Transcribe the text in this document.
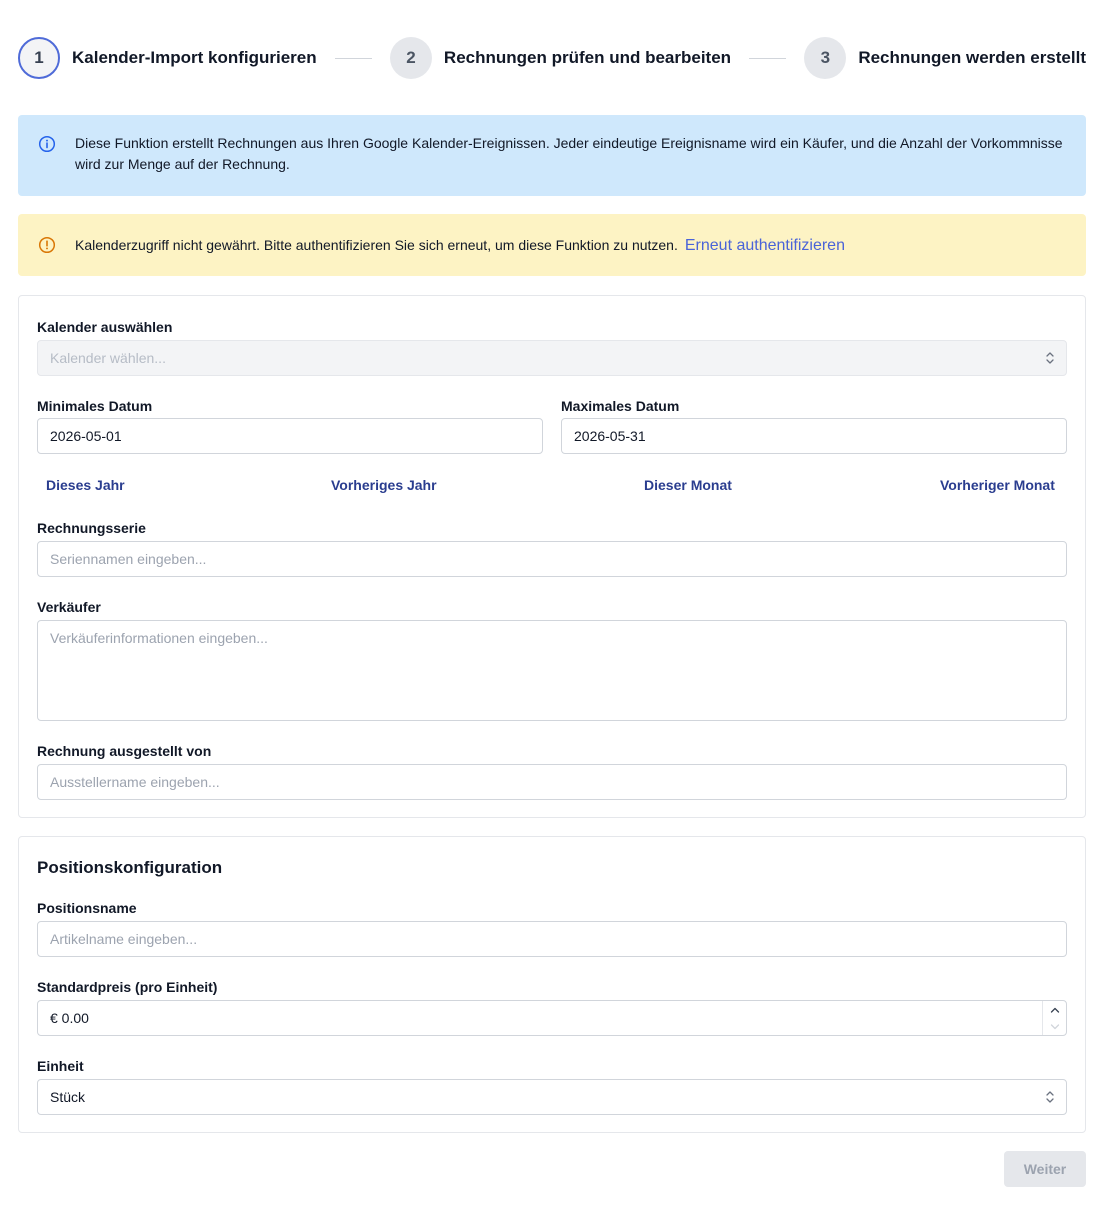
1	Kalender-Import konfigurieren	2	Rechnungen prüfen und bearbeiten	3	Rechnungen werden erstellt
Diese Funktion erstellt Rechnungen aus Ihren Google Kalender-Ereignissen. Jeder eindeutige Ereignisname wird ein Käufer, und die Anzahl der Vorkommnisse wird zur Menge auf der Rechnung.
Kalenderzugriff nicht gewährt. Bitte authentifizieren Sie sich erneut, um diese Funktion zu nutzen. Erneut authentifizieren
Kalender auswählen
Kalender wählen...
Minimales Datum
2026-05-01
Maximales Datum
2026-05-31
Dieses Jahr	Vorheriges Jahr	Dieser Monat	Vorheriger Monat
Rechnungsserie
Seriennamen eingeben...
Verkäufer
Verkäuferinformationen eingeben...
Rechnung ausgestellt von
Ausstellername eingeben...
Positionskonfiguration
Positionsname
Artikelname eingeben...
Standardpreis (pro Einheit)
€ 0.00
Einheit
Stück
Weiter
